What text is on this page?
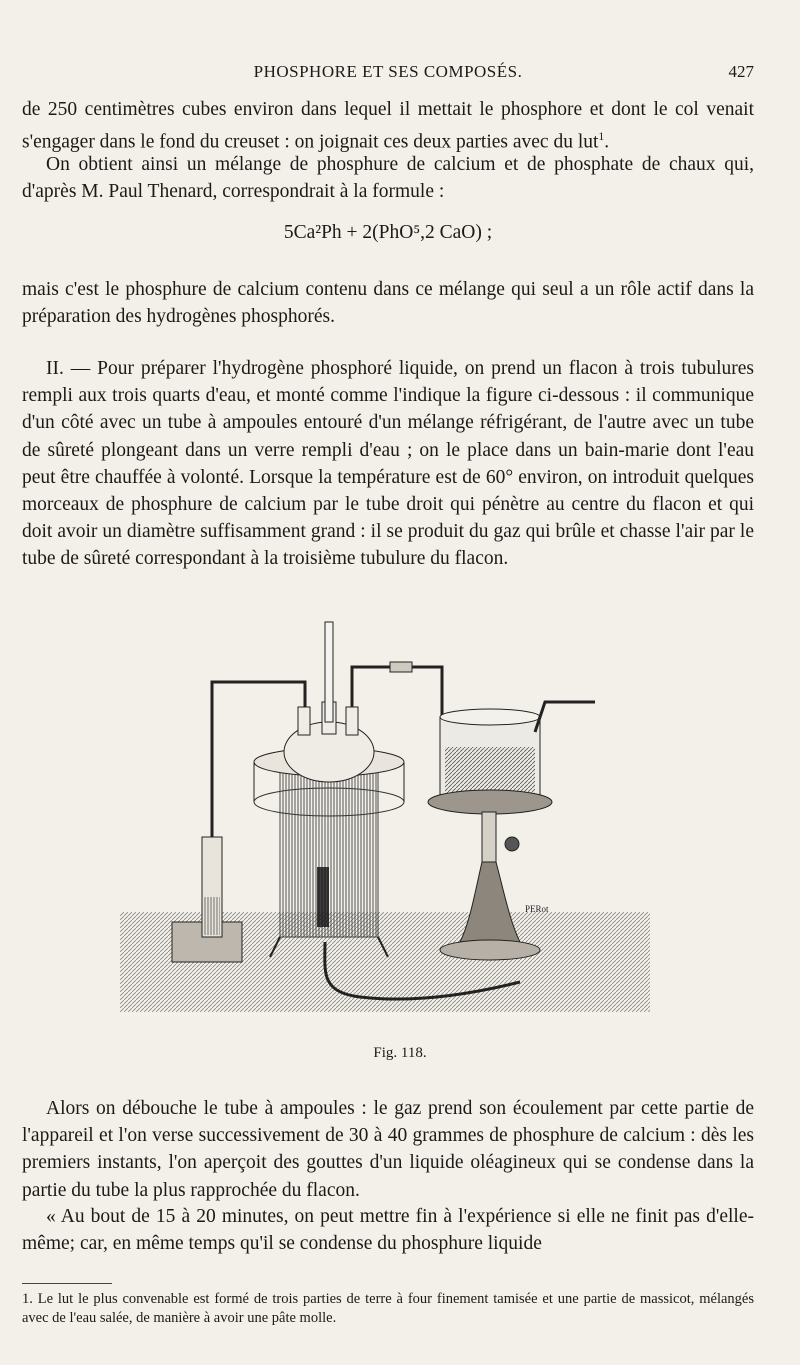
PHOSPHORE ET SES COMPOSÉS.	427

de 250 centimètres cubes environ dans lequel il mettait le phosphore et dont le col venait s'engager dans le fond du creuset : on joignait ces deux parties avec du lut$^1$.

On obtient ainsi un mélange de phosphure de calcium et de phosphate de chaux qui, d'après M. Paul Thenard, correspondrait à la formule :

5Ca²Ph + 2(PhO⁵,2 CaO) ;

mais c'est le phosphure de calcium contenu dans ce mélange qui seul a un rôle actif dans la préparation des hydrogènes phosphorés.

II. — Pour préparer l'hydrogène phosphoré liquide, on prend un flacon à trois tubulures rempli aux trois quarts d'eau, et monté comme l'indique la figure ci-dessous : il communique d'un côté avec un tube à ampoules entouré d'un mélange réfrigérant, de l'autre avec un tube de sûreté plongeant dans un verre rempli d'eau ; on le place dans un bain-marie dont l'eau peut être chauffée à volonté. Lorsque la température est de 60° environ, on introduit quelques morceaux de phosphure de calcium par le tube droit qui pénètre au centre du flacon et qui doit avoir un diamètre suffisamment grand : il se produit du gaz qui brûle et chasse l'air par le tube de sûreté correspondant à la troisième tubulure du flacon.

PERot
Fig. 118.

Alors on débouche le tube à ampoules : le gaz prend son écoulement par cette partie de l'appareil et l'on verse successivement de 30 à 40 grammes de phosphure de calcium : dès les premiers instants, l'on aperçoit des gouttes d'un liquide oléagineux qui se condense dans la partie du tube la plus rapprochée du flacon.

« Au bout de 15 à 20 minutes, on peut mettre fin à l'expérience si elle ne finit pas d'elle-même; car, en même temps qu'il se condense du phosphure liquide

1. Le lut le plus convenable est formé de trois parties de terre à four finement tamisée et une partie de massicot, mélangés avec de l'eau salée, de manière à avoir une pâte molle.
